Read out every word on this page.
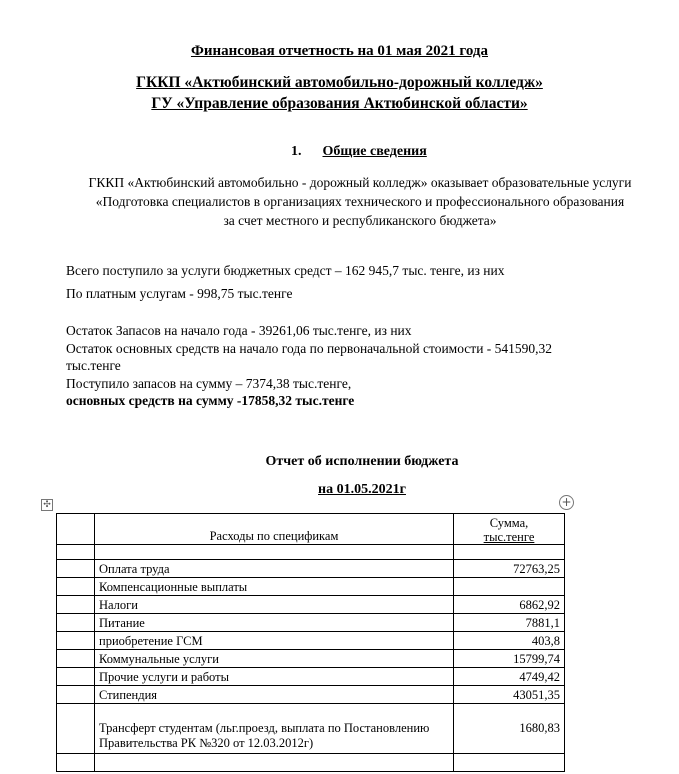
Финансовая отчетность на 01 мая 2021 года
ГККП «Актюбинский автомобильно-дорожный колледж»
ГУ «Управление образования Актюбинской области»
1. Общие сведения
ГККП «Актюбинский автомобильно - дорожный колледж» оказывает образовательные услуги
«Подготовка специалистов в организациях технического и профессионального образования
за счет местного и республиканского бюджета»
Всего поступило за услуги бюджетных средст – 162 945,7 тыс. тенге, из них
По платным услугам - 998,75 тыс.тенге
Остаток Запасов на начало года - 39261,06 тыс.тенге, из них
Остаток основных средств на начало года по первоначальной стоимости - 541590,32
тыс.тенге
Поступило запасов на сумму – 7374,38 тыс.тенге,
основных средств на сумму -17858,32 тыс.тенге
Отчет об исполнении бюджета
на 01.05.2021г
✣	+
	Расходы по спецификам	Сумма,
тыс.тенге

	Оплата труда	72763,25
	Компенсационные выплаты	
	Налоги	6862,92
	Питание	7881,1
	приобретение ГСМ	403,8
	Коммунальные услуги	15799,74
	Прочие услуги и работы	4749,42
	Стипендия	43051,35
	Трансферт студентам (льг.проезд, выплата по Постановлению Правительства РК №320 от 12.03.2012г)	1680,83
